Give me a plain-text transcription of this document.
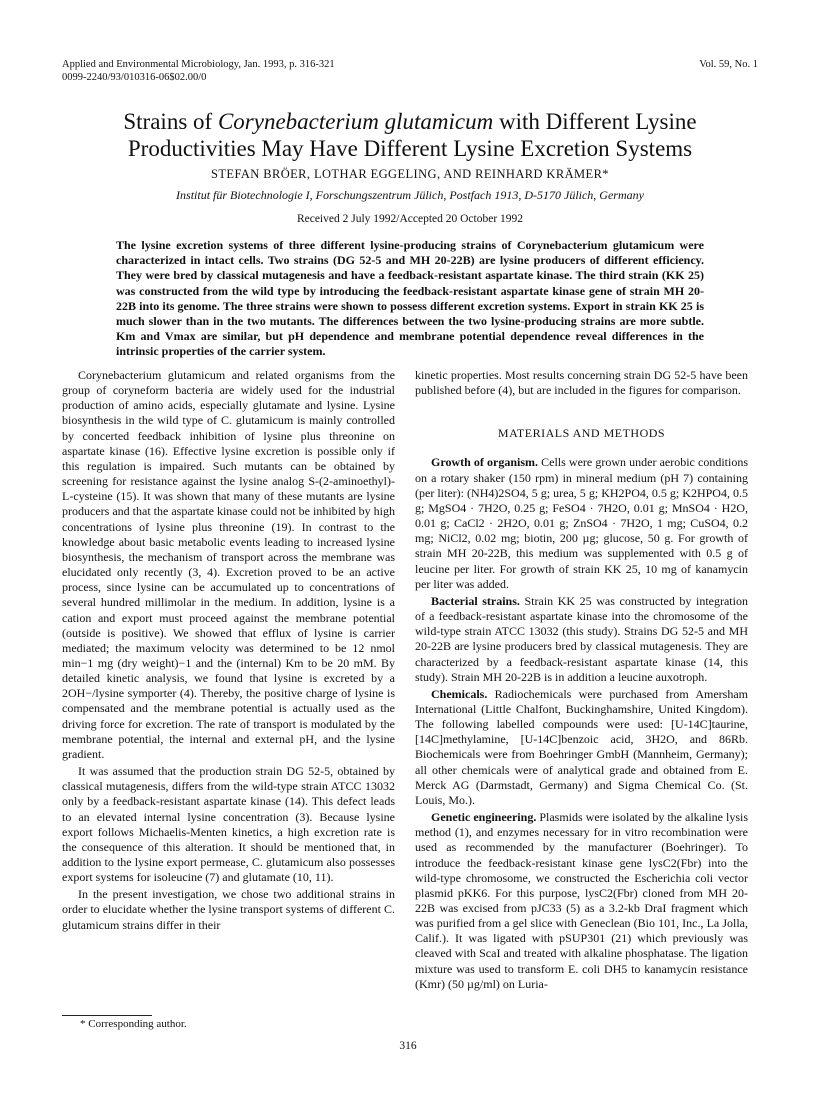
Applied and Environmental Microbiology, Jan. 1993, p. 316-321	Vol. 59, No. 1
0099-2240/93/010316-06$02.00/0
Strains of Corynebacterium glutamicum with Different Lysine
Productivities May Have Different Lysine Excretion Systems
STEFAN BRÖER, LOTHAR EGGELING, AND REINHARD KRÄMER*
Institut für Biotechnologie I, Forschungszentrum Jülich, Postfach 1913, D-5170 Jülich, Germany
Received 2 July 1992/Accepted 20 October 1992
The lysine excretion systems of three different lysine-producing strains of Corynebacterium glutamicum were characterized in intact cells. Two strains (DG 52-5 and MH 20-22B) are lysine producers of different efficiency. They were bred by classical mutagenesis and have a feedback-resistant aspartate kinase. The third strain (KK 25) was constructed from the wild type by introducing the feedback-resistant aspartate kinase gene of strain MH 20-22B into its genome. The three strains were shown to possess different excretion systems. Export in strain KK 25 is much slower than in the two mutants. The differences between the two lysine-producing strains are more subtle. Km and Vmax are similar, but pH dependence and membrane potential dependence reveal differences in the intrinsic properties of the carrier system.

Corynebacterium glutamicum and related organisms from the group of coryneform bacteria are widely used for the industrial production of amino acids, especially glutamate and lysine. Lysine biosynthesis in the wild type of C. glutamicum is mainly controlled by concerted feedback inhibition of lysine plus threonine on aspartate kinase (16). Effective lysine excretion is possible only if this regulation is impaired. Such mutants can be obtained by screening for resistance against the lysine analog S-(2-aminoethyl)-L-cysteine (15). It was shown that many of these mutants are lysine producers and that the aspartate kinase could not be inhibited by high concentrations of lysine plus threonine (19). In contrast to the knowledge about basic metabolic events leading to increased lysine biosynthesis, the mechanism of transport across the membrane was elucidated only recently (3, 4). Excretion proved to be an active process, since lysine can be accumulated up to concentrations of several hundred millimolar in the medium. In addition, lysine is a cation and export must proceed against the membrane potential (outside is positive). We showed that efflux of lysine is carrier mediated; the maximum velocity was determined to be 12 nmol min−1 mg (dry weight)−1 and the (internal) Km to be 20 mM. By detailed kinetic analysis, we found that lysine is excreted by a 2OH−/lysine symporter (4). Thereby, the positive charge of lysine is compensated and the membrane potential is actually used as the driving force for excretion. The rate of transport is modulated by the membrane potential, the internal and external pH, and the lysine gradient.

It was assumed that the production strain DG 52-5, obtained by classical mutagenesis, differs from the wild-type strain ATCC 13032 only by a feedback-resistant aspartate kinase (14). This defect leads to an elevated internal lysine concentration (3). Because lysine export follows Michaelis-Menten kinetics, a high excretion rate is the consequence of this alteration. It should be mentioned that, in addition to the lysine export permease, C. glutamicum also possesses export systems for isoleucine (7) and glutamate (10, 11).

In the present investigation, we chose two additional strains in order to elucidate whether the lysine transport systems of different C. glutamicum strains differ in their

kinetic properties. Most results concerning strain DG 52-5 have been published before (4), but are included in the figures for comparison.

MATERIALS AND METHODS

Growth of organism. Cells were grown under aerobic conditions on a rotary shaker (150 rpm) in mineral medium (pH 7) containing (per liter): (NH4)2SO4, 5 g; urea, 5 g; KH2PO4, 0.5 g; K2HPO4, 0.5 g; MgSO4 · 7H2O, 0.25 g; FeSO4 · 7H2O, 0.01 g; MnSO4 · H2O, 0.01 g; CaCl2 · 2H2O, 0.01 g; ZnSO4 · 7H2O, 1 mg; CuSO4, 0.2 mg; NiCl2, 0.02 mg; biotin, 200 µg; glucose, 50 g. For growth of strain MH 20-22B, this medium was supplemented with 0.5 g of leucine per liter. For growth of strain KK 25, 10 mg of kanamycin per liter was added.

Bacterial strains. Strain KK 25 was constructed by integration of a feedback-resistant aspartate kinase into the chromosome of the wild-type strain ATCC 13032 (this study). Strains DG 52-5 and MH 20-22B are lysine producers bred by classical mutagenesis. They are characterized by a feedback-resistant aspartate kinase (14, this study). Strain MH 20-22B is in addition a leucine auxotroph.

Chemicals. Radiochemicals were purchased from Amersham International (Little Chalfont, Buckinghamshire, United Kingdom). The following labelled compounds were used: [U-14C]taurine, [14C]methylamine, [U-14C]benzoic acid, 3H2O, and 86Rb. Biochemicals were from Boehringer GmbH (Mannheim, Germany); all other chemicals were of analytical grade and obtained from E. Merck AG (Darmstadt, Germany) and Sigma Chemical Co. (St. Louis, Mo.).

Genetic engineering. Plasmids were isolated by the alkaline lysis method (1), and enzymes necessary for in vitro recombination were used as recommended by the manufacturer (Boehringer). To introduce the feedback-resistant kinase gene lysC2(Fbr) into the wild-type chromosome, we constructed the Escherichia coli vector plasmid pKK6. For this purpose, lysC2(Fbr) cloned from MH 20-22B was excised from pJC33 (5) as a 3.2-kb DraI fragment which was purified from a gel slice with Geneclean (Bio 101, Inc., La Jolla, Calif.). It was ligated with pSUP301 (21) which previously was cleaved with ScaI and treated with alkaline phosphatase. The ligation mixture was used to transform E. coli DH5 to kanamycin resistance (Kmr) (50 µg/ml) on Luria-

* Corresponding author.
316
